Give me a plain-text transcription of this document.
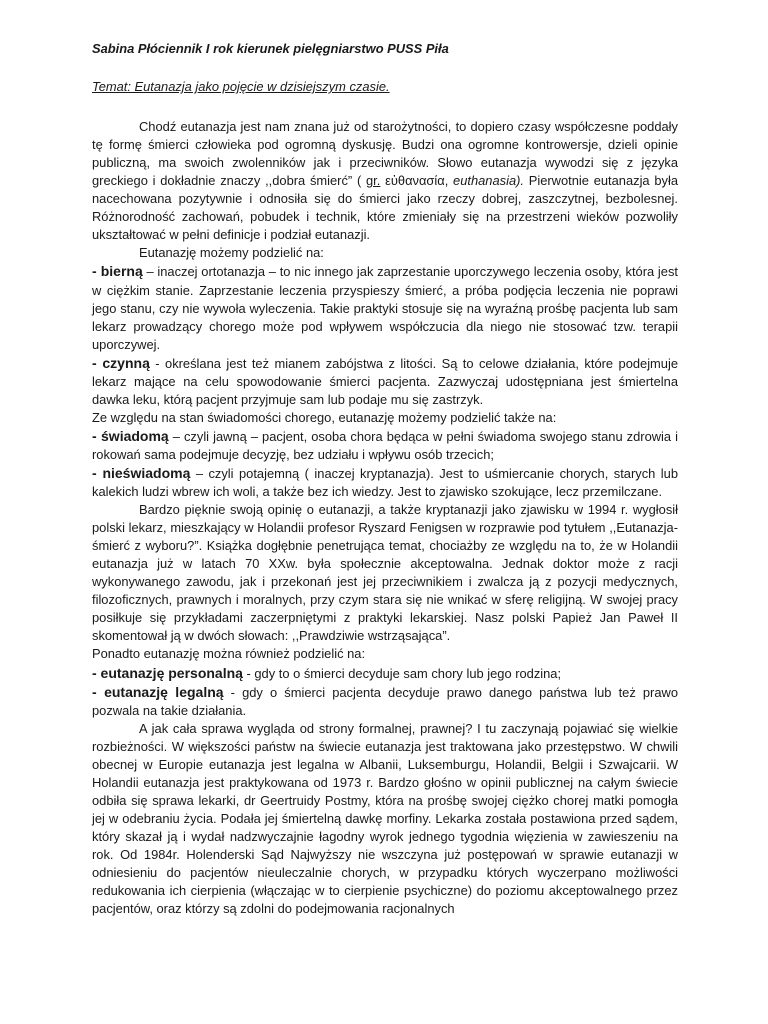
Sabina Płóciennik I rok kierunek pielęgniarstwo PUSS Piła

Temat: Eutanazja jako pojęcie w dzisiejszym czasie.

Chodź eutanazja jest nam znana już od starożytności, to dopiero czasy współczesne poddały tę formę śmierci człowieka pod ogromną dyskusję. Budzi ona ogromne kontrowersje, dzieli opinie publiczną, ma swoich zwolenników jak i przeciwników. Słowo eutanazja wywodzi się z języka greckiego i dokładnie znaczy ,,dobra śmierć” ( gr. εὐθανασία, euthanasia). Pierwotnie eutanazja była nacechowana pozytywnie i odnosiła się do śmierci jako rzeczy dobrej, zaszczytnej, bezbolesnej. Różnorodność zachowań, pobudek i technik, które zmieniały się na przestrzeni wieków pozwoliły ukształtować w pełni definicje i podział eutanazji.

Eutanazję możemy podzielić na:

- bierną – inaczej ortotanazja – to nic innego jak zaprzestanie uporczywego leczenia osoby, która jest w ciężkim stanie. Zaprzestanie leczenia przyspieszy śmierć, a próba podjęcia leczenia nie poprawi jego stanu, czy nie wywoła wyleczenia. Takie praktyki stosuje się na wyraźną prośbę pacjenta lub sam lekarz prowadzący chorego może pod wpływem współczucia dla niego nie stosować tzw. terapii uporczywej.

- czynną - określana jest też mianem zabójstwa z litości. Są to celowe działania, które podejmuje lekarz mające na celu spowodowanie śmierci pacjenta. Zazwyczaj udostępniana jest śmiertelna dawka leku, którą pacjent przyjmuje sam lub podaje mu się zastrzyk.

Ze względu na stan świadomości chorego, eutanazję możemy podzielić także na:

- świadomą – czyli jawną – pacjent, osoba chora będąca w pełni świadoma swojego stanu zdrowia i rokowań sama podejmuje decyzję, bez udziału i wpływu osób trzecich;

- nieświadomą – czyli potajemną ( inaczej kryptanazja). Jest to uśmiercanie chorych, starych lub kalekich ludzi wbrew ich woli, a także bez ich wiedzy. Jest to zjawisko szokujące, lecz przemilczane.

Bardzo pięknie swoją opinię o eutanazji, a także kryptanazji jako zjawisku w 1994 r. wygłosił polski lekarz, mieszkający w Holandii profesor Ryszard Fenigsen w rozprawie pod tytułem ,,Eutanazja-śmierć z wyboru?”. Książka dogłębnie penetrująca temat, chociażby ze względu na to, że w Holandii eutanazja już w latach 70 XXw. była społecznie akceptowalna. Jednak doktor może z racji wykonywanego zawodu, jak i przekonań jest jej przeciwnikiem i zwalcza ją z pozycji medycznych, filozoficznych, prawnych i moralnych, przy czym stara się nie wnikać w sferę religijną. W swojej pracy posiłkuje się przykładami zaczerpniętymi z praktyki lekarskiej. Nasz polski Papież Jan Paweł II skomentował ją w dwóch słowach: ,,Prawdziwie wstrząsająca”.

Ponadto eutanazję można również podzielić na:

- eutanazję personalną - gdy to o śmierci decyduje sam chory lub jego rodzina;

- eutanazję legalną - gdy o śmierci pacjenta decyduje prawo danego państwa lub też prawo pozwala na takie działania.

A jak cała sprawa wygląda od strony formalnej, prawnej? I tu zaczynają pojawiać się wielkie rozbieżności. W większości państw na świecie eutanazja jest traktowana jako przestępstwo. W chwili obecnej w Europie eutanazja jest legalna w Albanii, Luksemburgu, Holandii, Belgii i Szwajcarii. W Holandii eutanazja jest praktykowana od 1973 r. Bardzo głośno w opinii publicznej na całym świecie odbiła się sprawa lekarki, dr Geertruidy Postmy, która na prośbę swojej ciężko chorej matki pomogła jej w odebraniu życia. Podała jej śmiertelną dawkę morfiny. Lekarka została postawiona przed sądem, który skazał ją i wydał nadzwyczajnie łagodny wyrok jednego tygodnia więzienia w zawieszeniu na rok. Od 1984r. Holenderski Sąd Najwyższy nie wszczyna już postępowań w sprawie eutanazji w odniesieniu do pacjentów nieuleczalnie chorych, w przypadku których wyczerpano możliwości redukowania ich cierpienia (włączając w to cierpienie psychiczne) do poziomu akceptowalnego przez pacjentów, oraz którzy są zdolni do podejmowania racjonalnych
